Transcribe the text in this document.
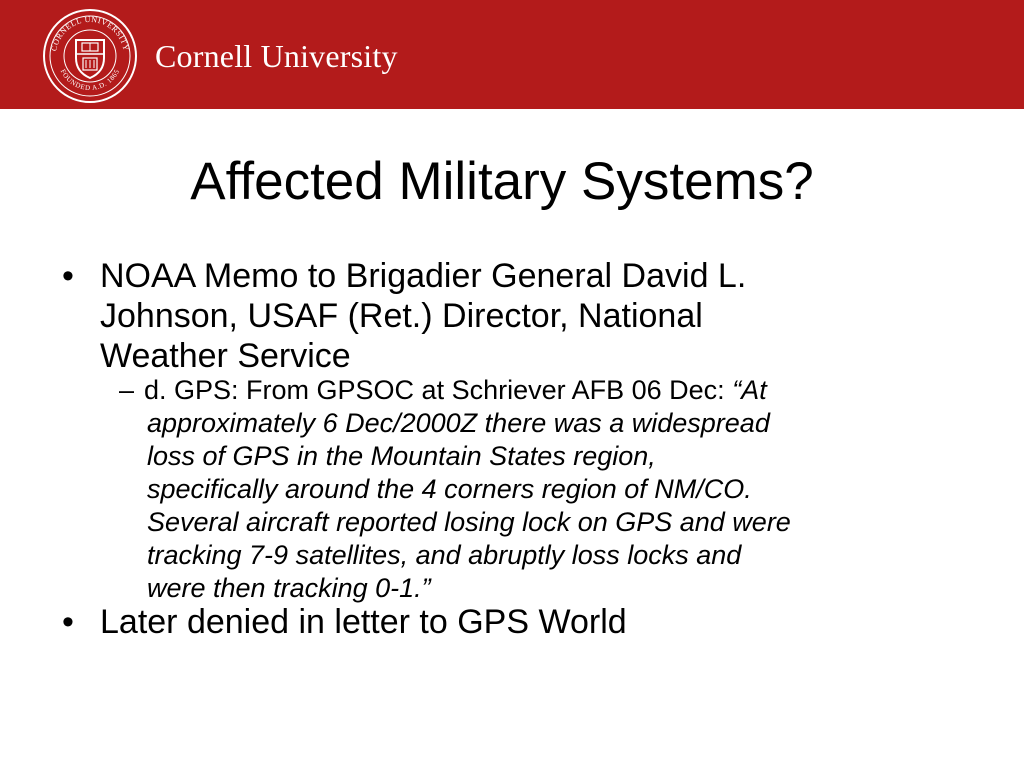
CORNELL UNIVERSITY
FOUNDED A.D. 1865 Cornell University
Affected Military Systems?
• NOAA Memo to Brigadier General David L.
Johnson, USAF (Ret.) Director, National
Weather Service
– d. GPS: From GPSOC at Schriever AFB 06 Dec: “At
approximately 6 Dec/2000Z there was a widespread
loss of GPS in the Mountain States region,
specifically around the 4 corners region of NM/CO.
Several aircraft reported losing lock on GPS and were
tracking 7-9 satellites, and abruptly loss locks and
were then tracking 0-1.”
• Later denied in letter to GPS World
